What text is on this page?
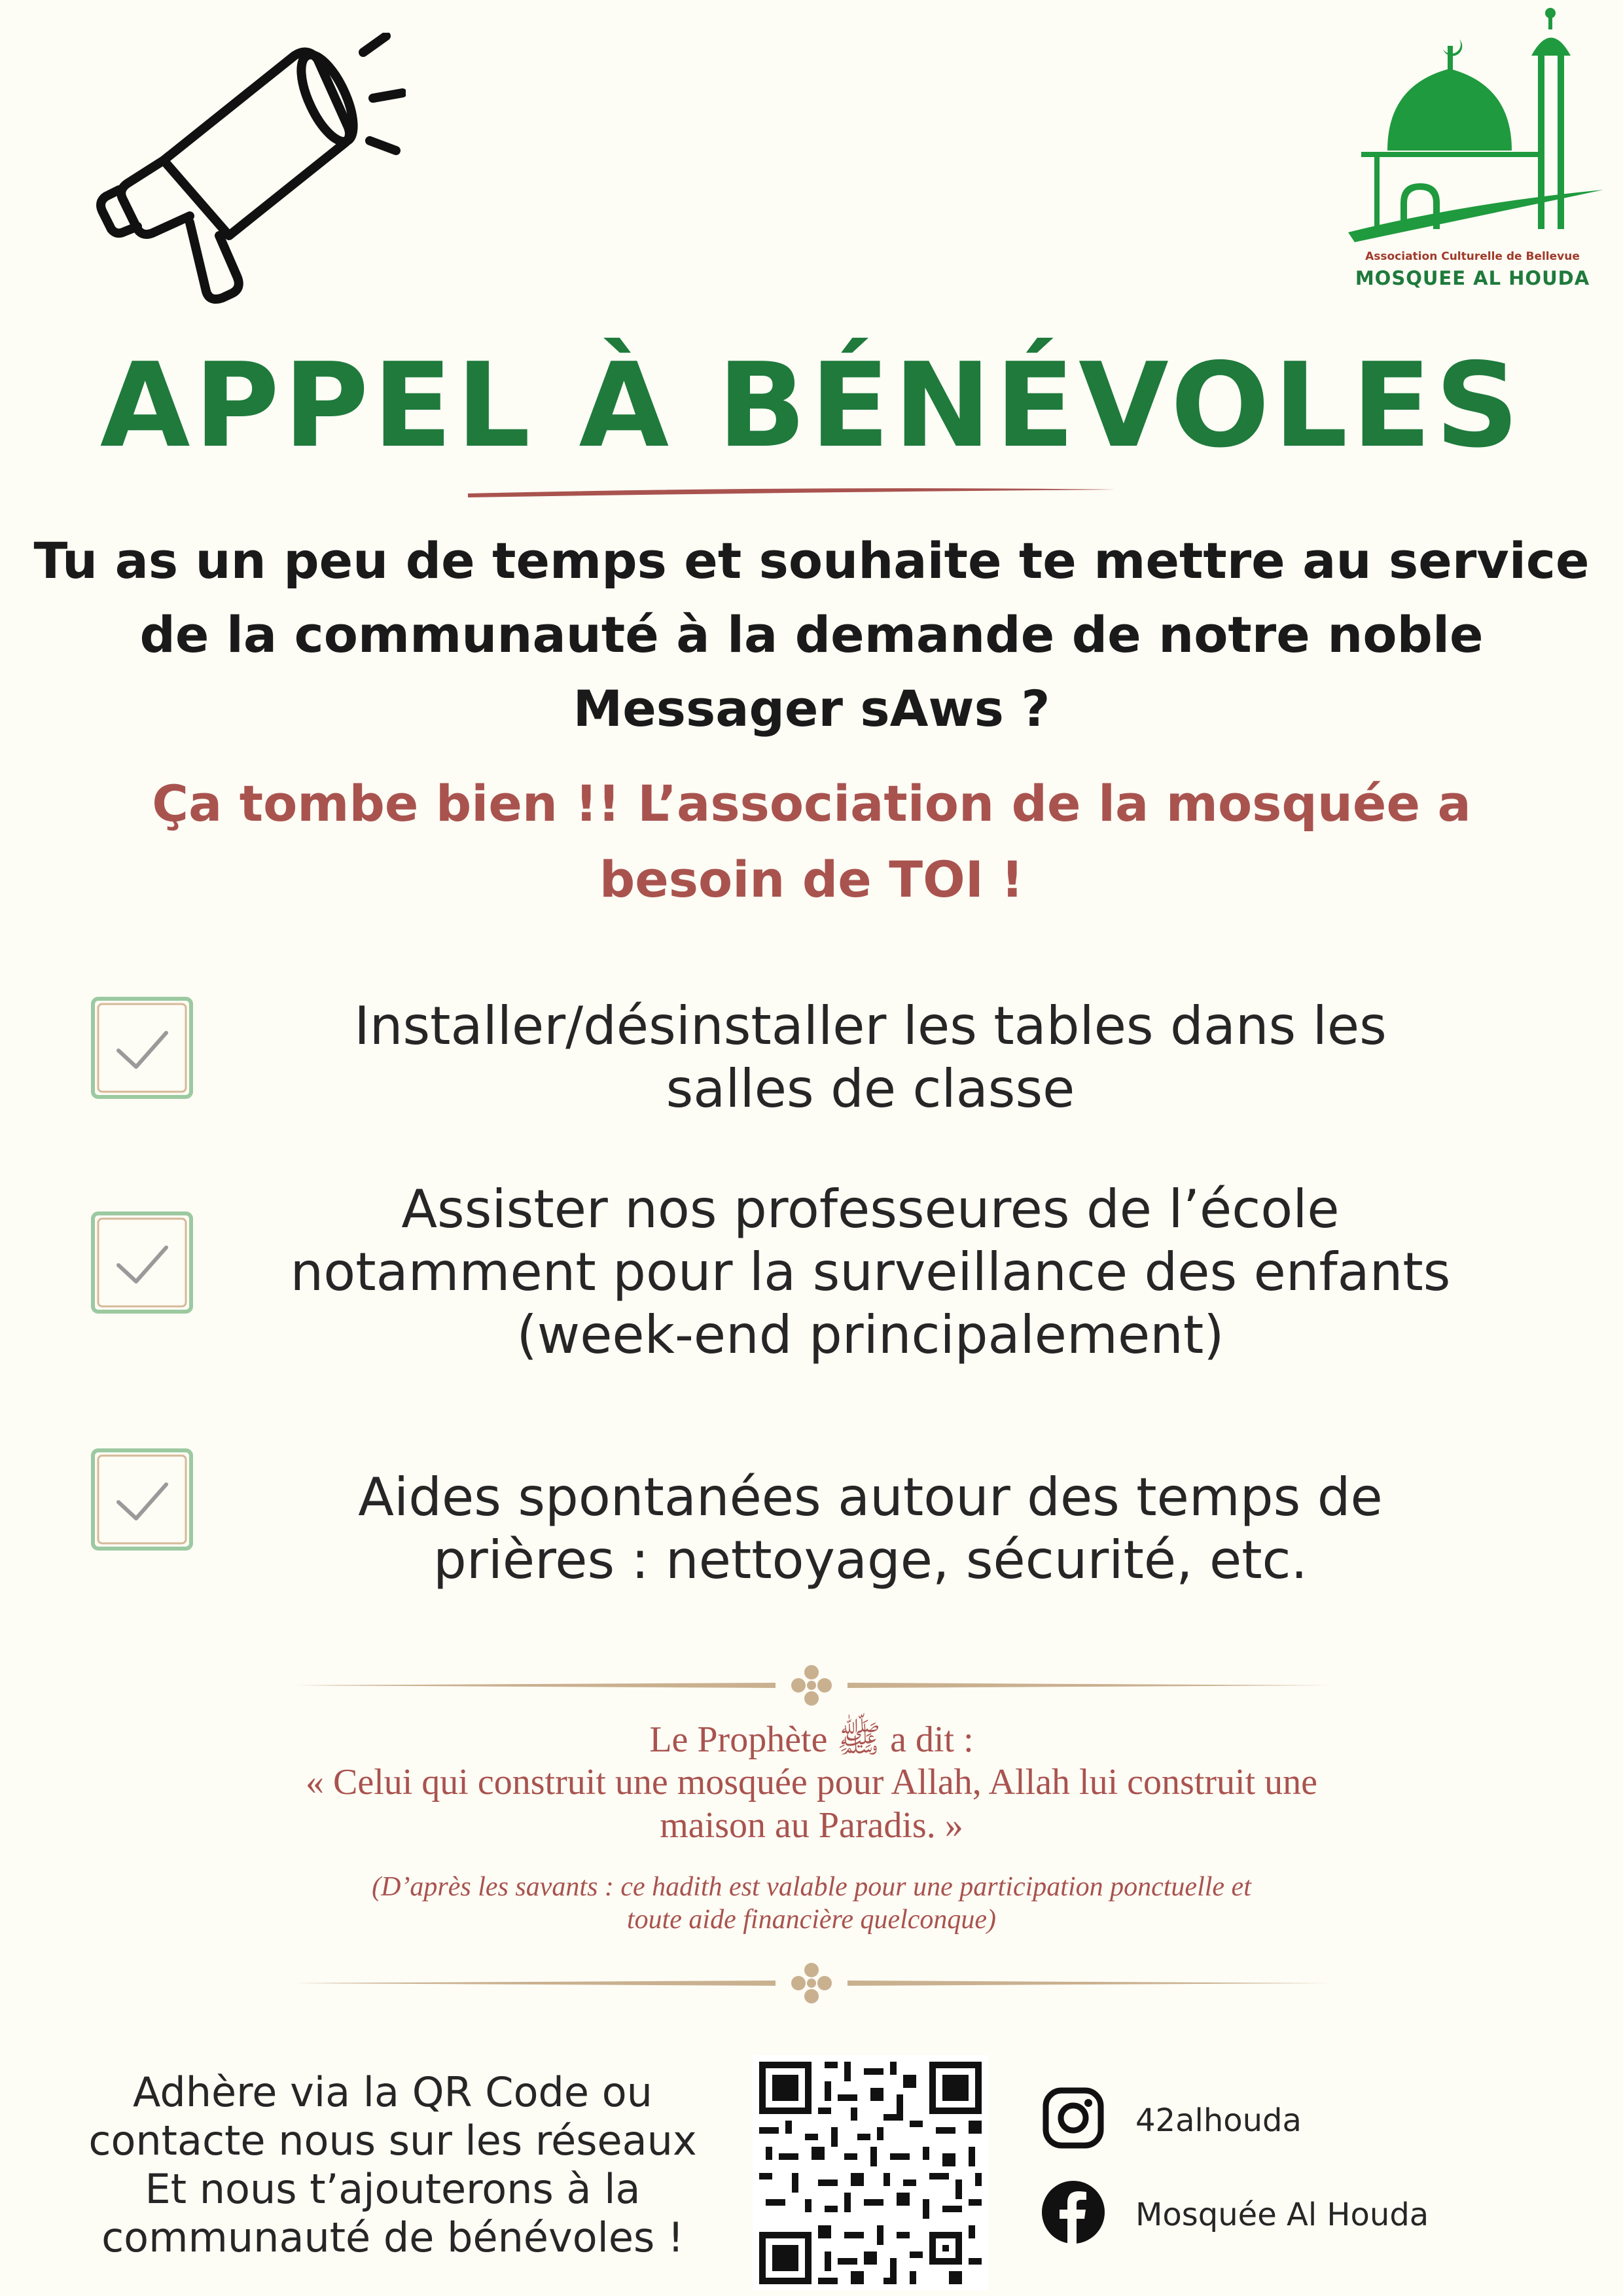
Association Culturelle de Bellevue
MOSQUEE AL HOUDA
APPEL À BÉNÉVOLES
Tu as un peu de temps et souhaite te mettre au service
de la communauté à la demande de notre noble
Messager sAws ?
Ça tombe bien !! L’association de la mosquée a
besoin de TOI !
Installer/désinstaller les tables dans les
salles de classe
Assister nos professeures de l’école
notamment pour la surveillance des enfants
(week-end principalement)
Aides spontanées autour des temps de
prières : nettoyage, sécurité, etc.
Le Prophète ﷺ a dit :
« Celui qui construit une mosquée pour Allah, Allah lui construit une
maison au Paradis. »
(D’après les savants : ce hadith est valable pour une participation ponctuelle et
toute aide financière quelconque)
Adhère via la QR Code ou
contacte nous sur les réseaux
Et nous t’ajouterons à la
communauté de bénévoles !
42alhouda
Mosquée Al Houda
